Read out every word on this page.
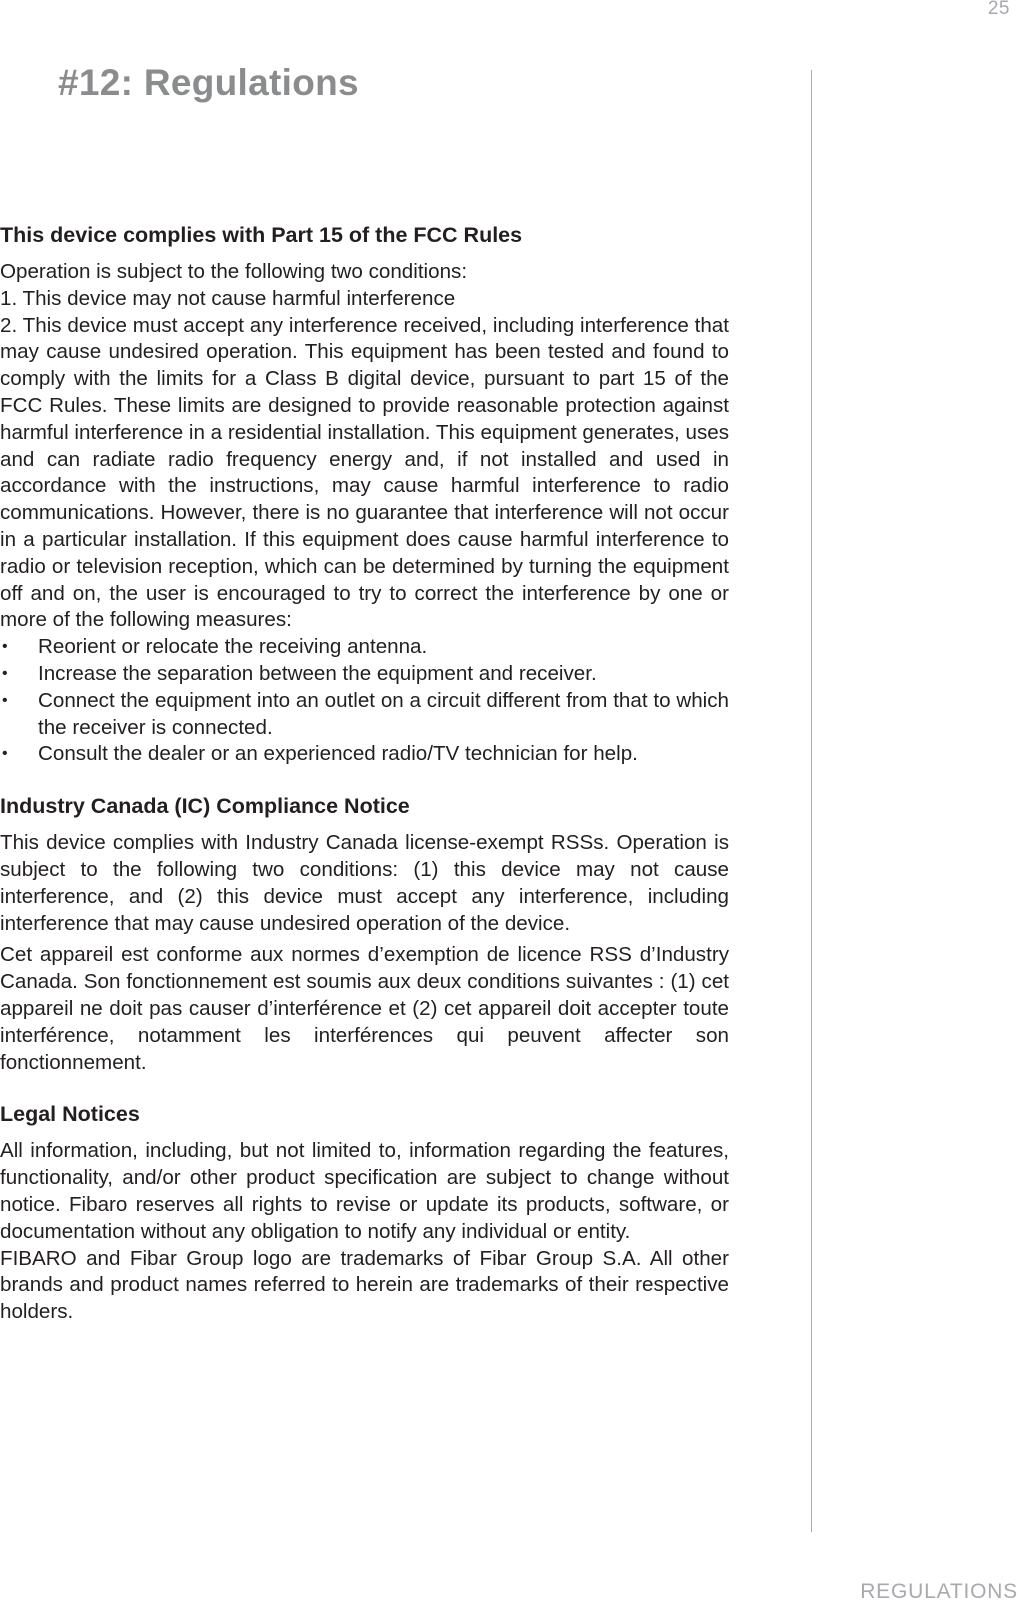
25
#12: Regulations
This device complies with Part 15 of the FCC Rules

Operation is subject to the following two conditions:

1. This device may not cause harmful interference

2. This device must accept any interference received, including interference that may cause undesired operation. This equipment has been tested and found to comply with the limits for a Class B digital device, pursuant to part 15 of the FCC Rules. These limits are designed to provide reasonable protection against harmful interference in a residential installation. This equipment generates, uses and can radiate radio frequency energy and, if not installed and used in accordance with the instructions, may cause harmful interference to radio communications. However, there is no guarantee that interference will not occur in a particular installation. If this equipment does cause harmful interference to radio or television reception, which can be determined by turning the equipment off and on, the user is encouraged to try to correct the interference by one or more of the following measures:

• Reorient or relocate the receiving antenna.
• Increase the separation between the equipment and receiver.
• Connect the equipment into an outlet on a circuit different from that to which the receiver is connected.
• Consult the dealer or an experienced radio/TV technician for help.
Industry Canada (IC) Compliance Notice

This device complies with Industry Canada license-exempt RSSs. Operation is subject to the following two conditions: (1) this device may not cause interference, and (2) this device must accept any interference, including interference that may cause undesired operation of the device.

Cet appareil est conforme aux normes d’exemption de licence RSS d’Industry Canada. Son fonctionnement est soumis aux deux conditions suivantes : (1) cet appareil ne doit pas causer d’interférence et (2) cet appareil doit accepter toute interférence, notamment les interférences qui peuvent affecter son fonctionnement.

Legal Notices

All information, including, but not limited to, information regarding the features, functionality, and/or other product specification are subject to change without notice. Fibaro reserves all rights to revise or update its products, software, or documentation without any obligation to notify any individual or entity.

FIBARO and Fibar Group logo are trademarks of Fibar Group S.A. All other brands and product names referred to herein are trademarks of their respective holders.

REGULATIONS
